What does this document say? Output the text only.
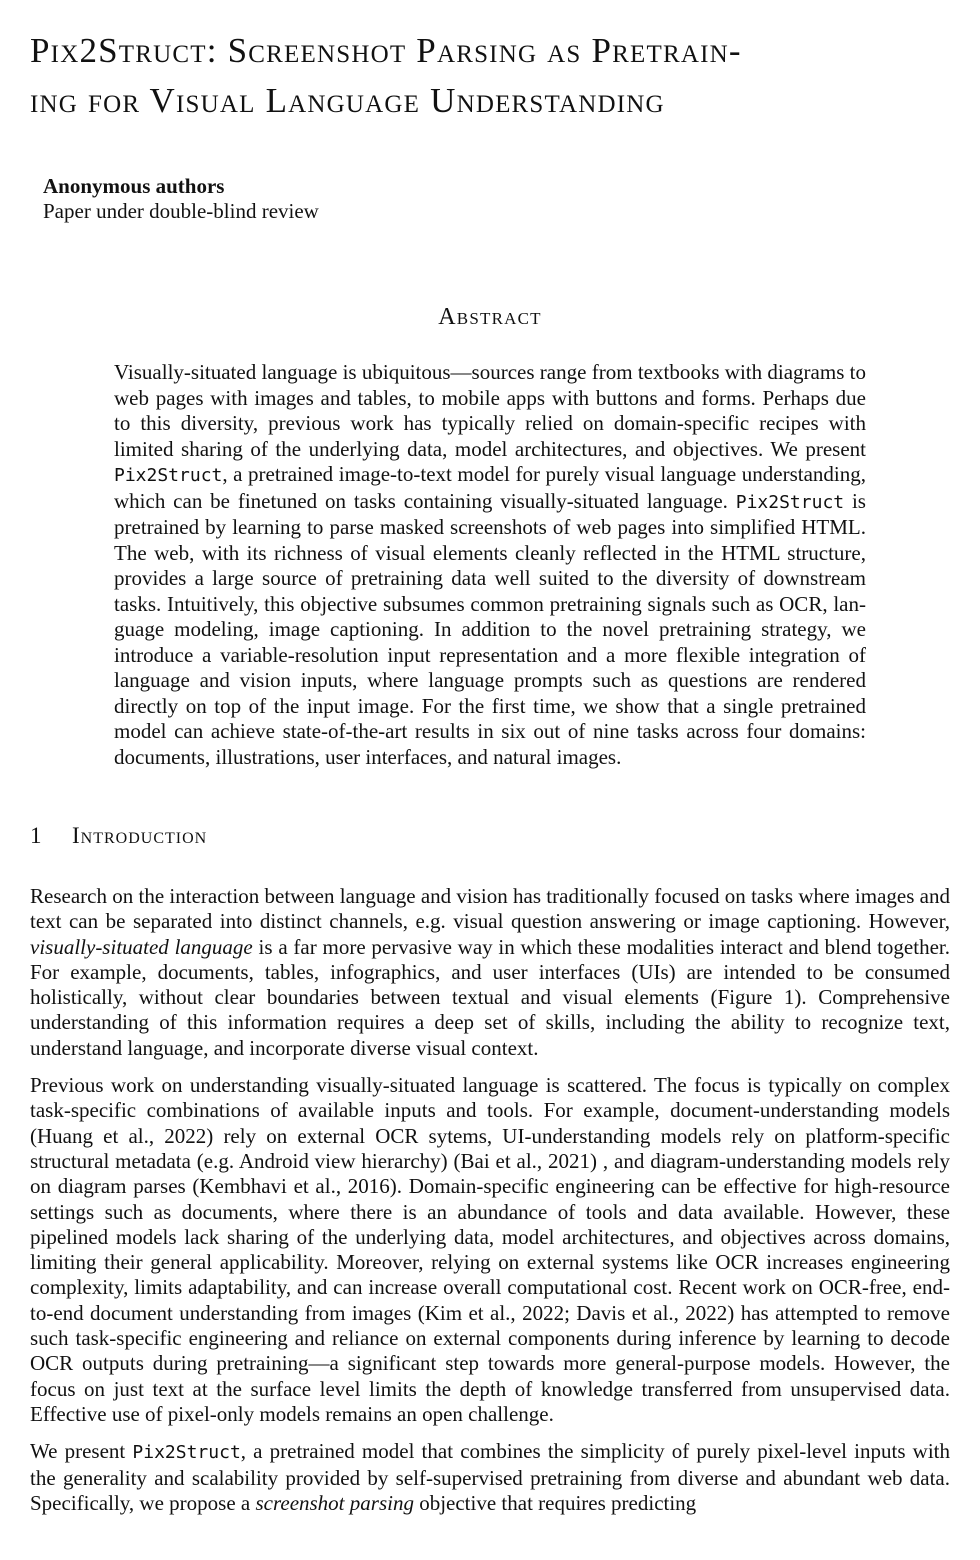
Pix2Struct: Screenshot Parsing as Pretrain-
ing for Visual Language Understanding
Anonymous authors
Paper under double-blind review
Abstract

Visually-situated language is ubiquitous—sources range from textbooks with diagrams to web pages with images and tables, to mobile apps with buttons and forms. Perhaps due to this diversity, previous work has typically relied on domain-specific recipes with limited sharing of the underlying data, model architectures, and objectives. We present Pix2Struct, a pretrained image-to-text model for purely visual language understanding, which can be finetuned on tasks containing visually-situated language. Pix2Struct is pretrained by learning to parse masked screenshots of web pages into simplified HTML. The web, with its richness of visual elements cleanly reflected in the HTML structure, provides a large source of pretraining data well suited to the diversity of downstream tasks. Intuitively, this objective subsumes common pretraining signals such as OCR, language modeling, image captioning. In addition to the novel pretraining strategy, we introduce a variable-resolution input representation and a more flexible integration of language and vision inputs, where language prompts such as questions are rendered directly on top of the input image. For the first time, we show that a single pretrained model can achieve state-of-the-art results in six out of nine tasks across four domains: documents, illustrations, user interfaces, and natural images.

1 Introduction

Research on the interaction between language and vision has traditionally focused on tasks where images and text can be separated into distinct channels, e.g. visual question answering or image captioning. However, visually-situated language is a far more pervasive way in which these modalities interact and blend together. For example, documents, tables, infographics, and user interfaces (UIs) are intended to be consumed holistically, without clear boundaries between textual and visual elements (Figure 1). Comprehensive understanding of this information requires a deep set of skills, including the ability to recognize text, understand language, and incorporate diverse visual context.

Previous work on understanding visually-situated language is scattered. The focus is typically on complex task-specific combinations of available inputs and tools. For example, document-understanding models (Huang et al., 2022) rely on external OCR sytems, UI-understanding models rely on platform-specific structural metadata (e.g. Android view hierarchy) (Bai et al., 2021) , and diagram-understanding models rely on diagram parses (Kembhavi et al., 2016). Domain-specific engineering can be effective for high-resource settings such as documents, where there is an abundance of tools and data available. However, these pipelined models lack sharing of the underlying data, model architectures, and objectives across domains, limiting their general applicability. Moreover, relying on external systems like OCR increases engineering complexity, limits adaptability, and can increase overall computational cost. Recent work on OCR-free, end-to-end document understanding from images (Kim et al., 2022; Davis et al., 2022) has attempted to remove such task-specific engineering and reliance on external components during inference by learning to decode OCR outputs during pretraining—a significant step towards more general-purpose models. However, the focus on just text at the surface level limits the depth of knowledge transferred from unsupervised data. Effective use of pixel-only models remains an open challenge.

We present Pix2Struct, a pretrained model that combines the simplicity of purely pixel-level inputs with the generality and scalability provided by self-supervised pretraining from diverse and abundant web data. Specifically, we propose a screenshot parsing objective that requires predicting
